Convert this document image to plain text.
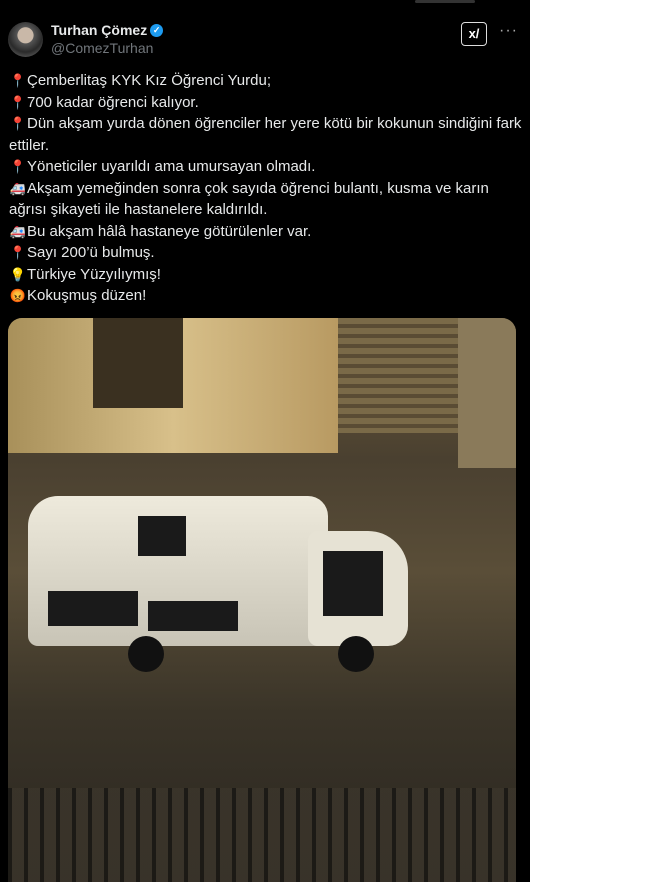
Turhan Çömez ✓
@ComezTurhan
x/	···
📍Çemberlitaş KYK Kız Öğrenci Yurdu;
📍700 kadar öğrenci kalıyor.
📍Dün akşam yurda dönen öğrenciler her yere kötü bir kokunun sindiğini fark ettiler.
📍Yöneticiler uyarıldı ama umursayan olmadı.
🚑Akşam yemeğinden sonra çok sayıda öğrenci bulantı, kusma ve karın ağrısı şikayeti ile hastanelere kaldırıldı.
🚑Bu akşam hâlâ hastaneye götürülenler var.
📍Sayı 200’ü bulmuş.
💡Türkiye Yüzyılıymış!
😡Kokuşmuş düzen!
